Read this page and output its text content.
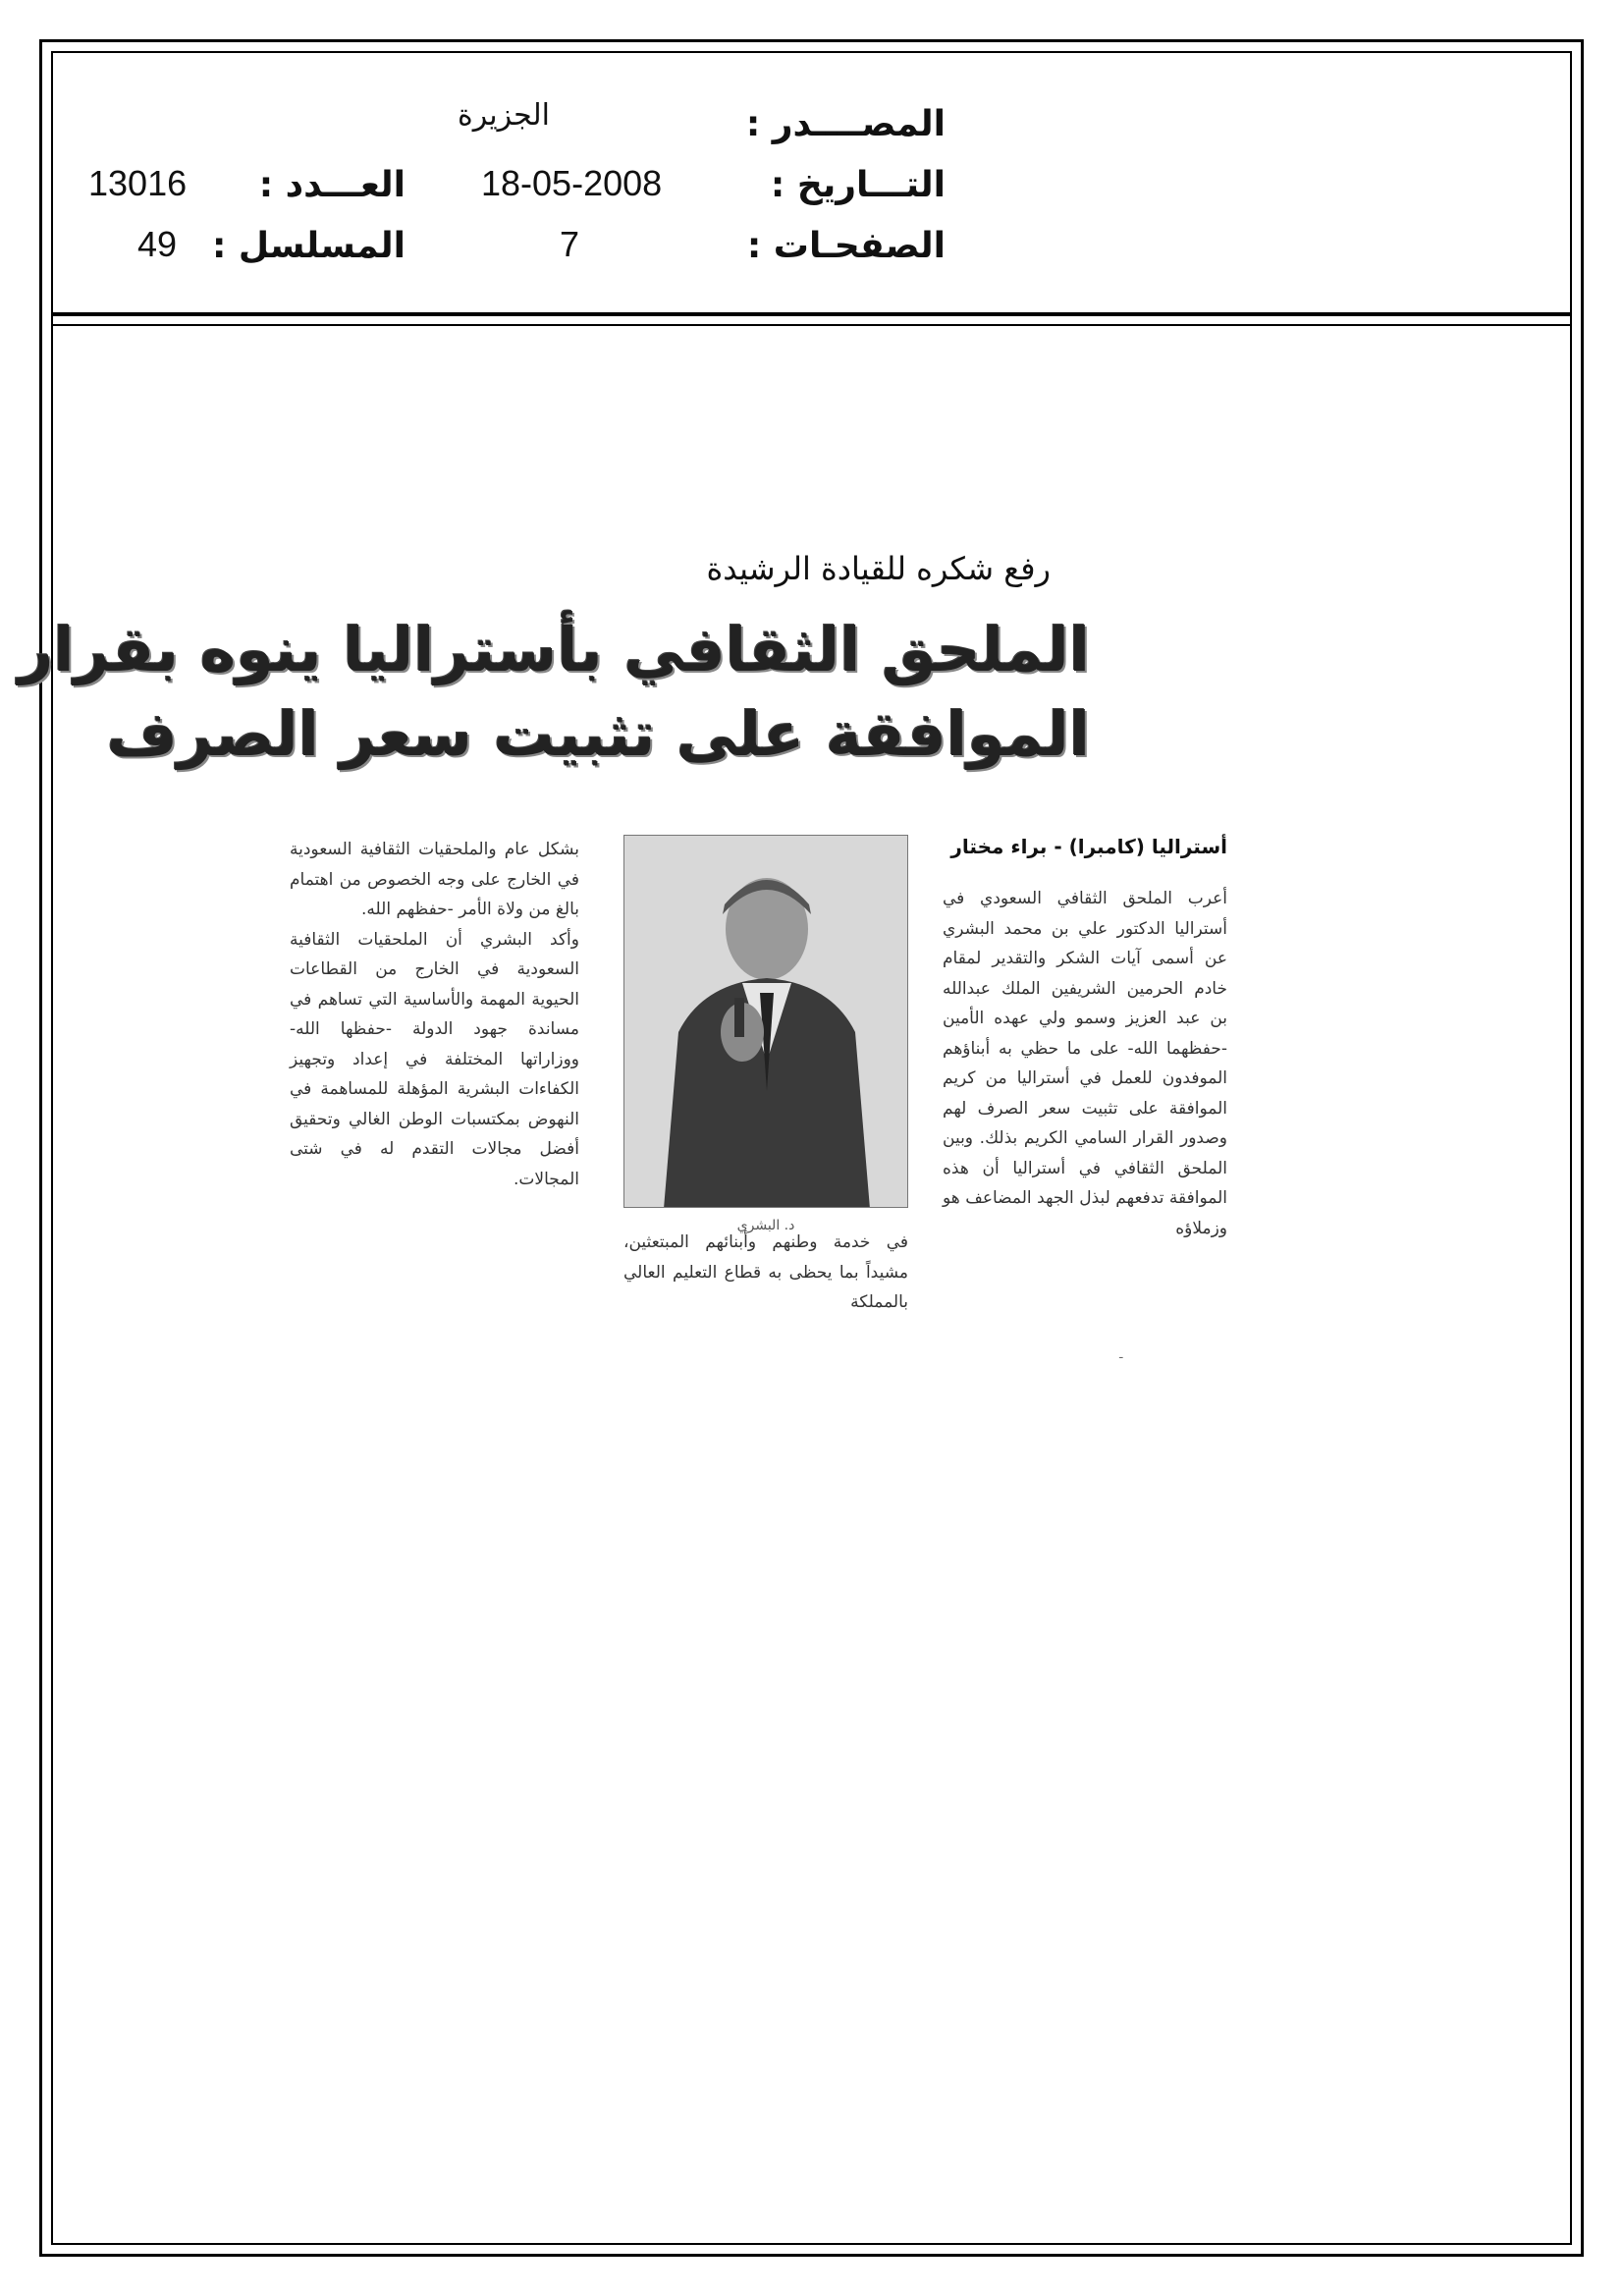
المصــــدر :
الجزيرة
التـــاريخ :
18-05-2008
العـــدد :
13016
الصفحـات :
7
المسلسل :
49
رفع شكره للقيادة الرشيدة
الملحق الثقافي بأستراليا ينوه بقرار
الموافقة على تثبيت سعر الصرف
أستراليا (كامبرا) - براء مختار

أعرب الملحق الثقافي السعودي في أستراليا الدكتور علي بن محمد البشري عن أسمى آيات الشكر والتقدير لمقام خادم الحرمين الشريفين الملك عبدالله بن عبد العزيز وسمو ولي عهده الأمين -حفظهما الله- على ما حظي به أبناؤهم الموفدون للعمل في أستراليا من كريم الموافقة على تثبيت سعر الصرف لهم وصدور القرار السامي الكريم بذلك. وبين الملحق الثقافي في أستراليا أن هذه الموافقة تدفعهم لبذل الجهد المضاعف هو وزملاؤه

د. البشري

في خدمة وطنهم وأبنائهم المبتعثين، مشيداً بما يحظى به قطاع التعليم العالي بالمملكة

بشكل عام والملحقيات الثقافية السعودية في الخارج على وجه الخصوص من اهتمام بالغ من ولاة الأمر -حفظهم الله.

وأكد البشري أن الملحقيات الثقافية السعودية في الخارج من القطاعات الحيوية المهمة والأساسية التي تساهم في مساندة جهود الدولة -حفظها الله- ووزاراتها المختلفة في إعداد وتجهيز الكفاءات البشرية المؤهلة للمساهمة في النهوض بمكتسبات الوطن الغالي وتحقيق أفضل مجالات التقدم له في شتى المجالات.

ـ
